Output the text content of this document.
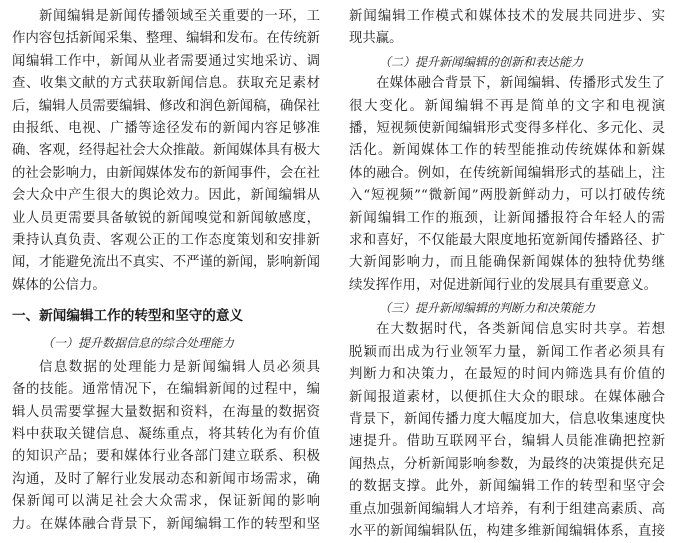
新闻编辑是新闻传播领域至关重要的一环，工
作内容包括新闻采集、整理、编辑和发布。在传统新
闻编辑工作中，新闻从业者需要通过实地采访、调
查、收集文献的方式获取新闻信息。获取充足素材
后，编辑人员需要编辑、修改和润色新闻稿，确保社
由报纸、电视、广播等途径发布的新闻内容足够准
确、客观，经得起社会大众推敲。新闻媒体具有极大
的社会影响力，由新闻媒体发布的新闻事件，会在社
会大众中产生很大的舆论效力。因此，新闻编辑从
业人员更需要具备敏锐的新闻嗅觉和新闻敏感度，
秉持认真负责、客观公正的工作态度策划和安排新
闻，才能避免流出不真实、不严谨的新闻，影响新闻
媒体的公信力。
一、新闻编辑工作的转型和坚守的意义
（一）提升数据信息的综合处理能力
信息数据的处理能力是新闻编辑人员必须具
备的技能。通常情况下，在编辑新闻的过程中，编
辑人员需要掌握大量数据和资料，在海量的数据资
料中获取关键信息、凝练重点，将其转化为有价值
的知识产品；要和媒体行业各部门建立联系、积极
沟通，及时了解行业发展动态和新闻市场需求，确
保新闻可以满足社会大众需求，保证新闻的影响
力。在媒体融合背景下，新闻编辑工作的转型和坚
新闻编辑工作模式和媒体技术的发展共同进步、实
现共赢。
（二）提升新闻编辑的创新和表达能力
在媒体融合背景下，新闻编辑、传播形式发生了
很大变化。新闻编辑不再是简单的文字和电视演
播，短视频使新闻编辑形式变得多样化、多元化、灵
活化。新闻媒体工作的转型能推动传统媒体和新媒
体的融合。例如，在传统新闻编辑形式的基础上，注
入“短视频”“微新闻”两股新鲜动力，可以打破传统
新闻编辑工作的瓶颈，让新闻播报符合年轻人的需
求和喜好，不仅能最大限度地拓宽新闻传播路径、扩
大新闻影响力，而且能确保新闻媒体的独特优势继
续发挥作用，对促进新闻行业的发展具有重要意义。
（三）提升新闻编辑的判断力和决策能力
在大数据时代，各类新闻信息实时共享。若想
脱颖而出成为行业领军力量，新闻工作者必须具有
判断力和决策力，在最短的时间内筛选具有价值的
新闻报道素材，以便抓住大众的眼球。在媒体融合
背景下，新闻传播力度大幅度加大，信息收集速度快
速提升。借助互联网平台，编辑人员能准确把控新
闻热点，分析新闻影响参数，为最终的决策提供充足
的数据支撑。此外，新闻编辑工作的转型和坚守会
重点加强新闻编辑人才培养，有利于组建高素质、高
水平的新闻编辑队伍，构建多维新闻编辑体系，直接
